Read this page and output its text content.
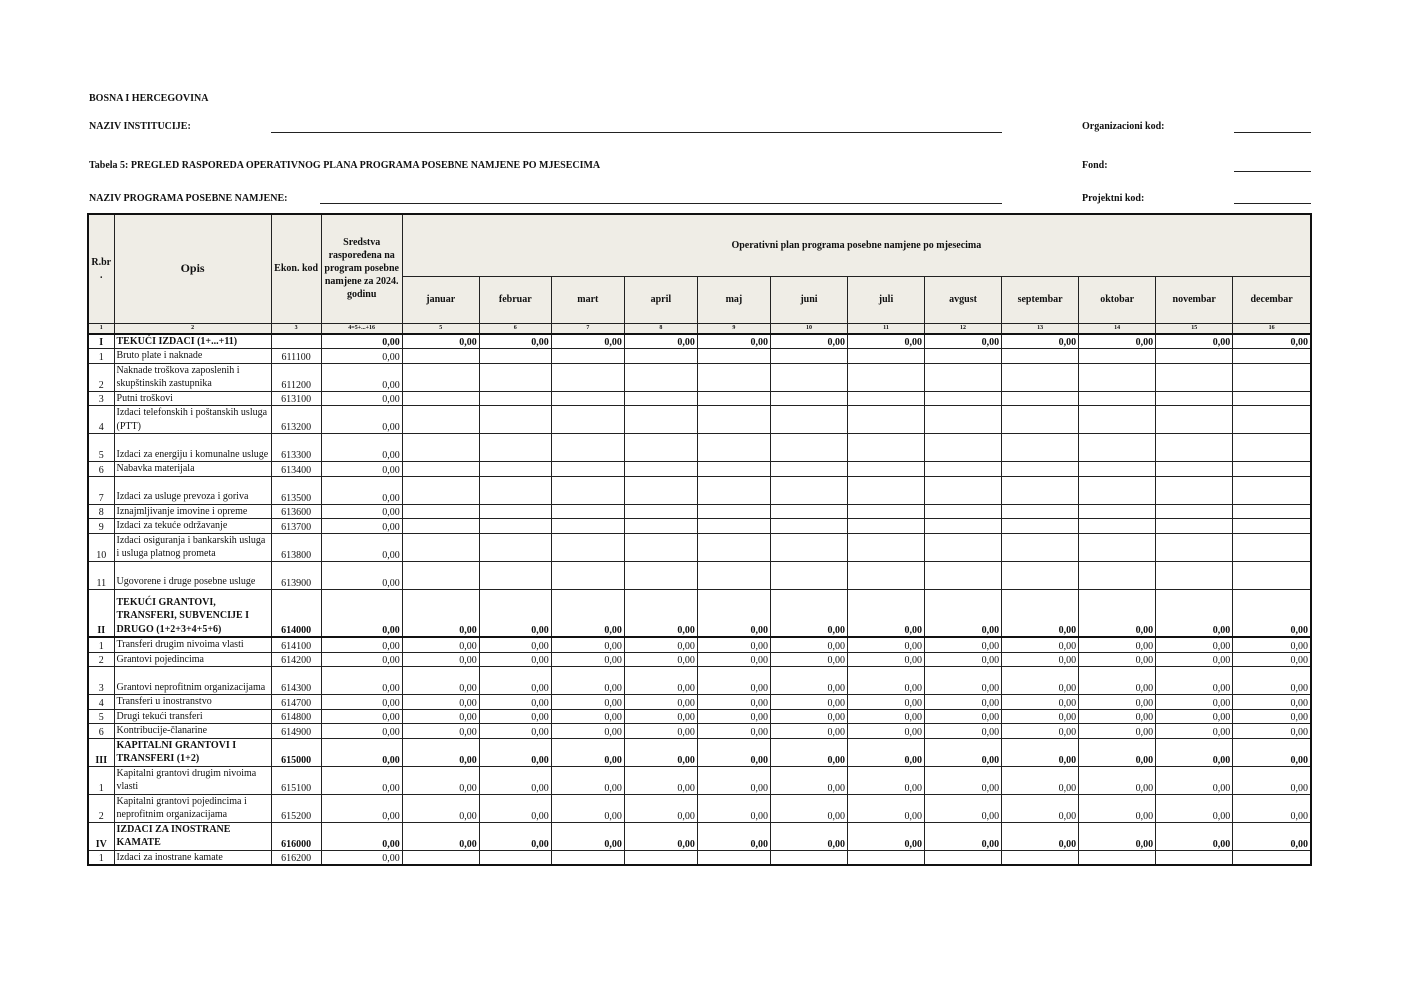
BOSNA I HERCEGOVINA
NAZIV INSTITUCIJE:	Organizacioni kod:
Tabela 5: PREGLED RASPOREDA OPERATIVNOG PLANA PROGRAMA POSEBNE NAMJENE PO MJESECIMA	Fond:
NAZIV PROGRAMA POSEBNE NAMJENE:	Projektni kod:
R.br .	Opis	Ekon. kod	Sredstva raspoređena na program posebne namjene za 2024. godinu	Operativni plan programa posebne namjene po mjesecima											
				januar	februar	mart	april	maj	juni	juli	avgust	septembar	oktobar	novembar	decembar
1	2	3	4=5+...+16	5	6	7	8	9	10	11	12	13	14	15	16
I	TEKUĆI IZDACI (1+...+11)		0,00	0,00	0,00	0,00	0,00	0,00	0,00	0,00	0,00	0,00	0,00	0,00	0,00
1	Bruto plate i naknade	611100	0,00												
2	Naknade troškova zaposlenih i skupštinskih zastupnika	611200	0,00												
3	Putni troškovi	613100	0,00												
4	Izdaci telefonskih i poštanskih usluga (PTT)	613200	0,00												
5	Izdaci za energiju i komunalne usluge	613300	0,00												
6	Nabavka materijala	613400	0,00												
7	Izdaci za usluge prevoza i goriva	613500	0,00												
8	Iznajmljivanje imovine i opreme	613600	0,00												
9	Izdaci za tekuće održavanje	613700	0,00												
10	Izdaci osiguranja i bankarskih usluga i usluga platnog prometa	613800	0,00												
11	Ugovorene i druge posebne usluge	613900	0,00												
II	TEKUĆI GRANTOVI, TRANSFERI, SUBVENCIJE I DRUGO (1+2+3+4+5+6)	614000	0,00	0,00	0,00	0,00	0,00	0,00	0,00	0,00	0,00	0,00	0,00	0,00	0,00
1	Transferi drugim nivoima vlasti	614100	0,00	0,00	0,00	0,00	0,00	0,00	0,00	0,00	0,00	0,00	0,00	0,00	0,00
2	Grantovi pojedincima	614200	0,00	0,00	0,00	0,00	0,00	0,00	0,00	0,00	0,00	0,00	0,00	0,00	0,00
3	Grantovi neprofitnim organizacijama	614300	0,00	0,00	0,00	0,00	0,00	0,00	0,00	0,00	0,00	0,00	0,00	0,00	0,00
4	Transferi u inostranstvo	614700	0,00	0,00	0,00	0,00	0,00	0,00	0,00	0,00	0,00	0,00	0,00	0,00	0,00
5	Drugi tekući transferi	614800	0,00	0,00	0,00	0,00	0,00	0,00	0,00	0,00	0,00	0,00	0,00	0,00	0,00
6	Kontribucije-članarine	614900	0,00	0,00	0,00	0,00	0,00	0,00	0,00	0,00	0,00	0,00	0,00	0,00	0,00
III	KAPITALNI GRANTOVI I TRANSFERI (1+2)	615000	0,00	0,00	0,00	0,00	0,00	0,00	0,00	0,00	0,00	0,00	0,00	0,00	0,00
1	Kapitalni grantovi drugim nivoima vlasti	615100	0,00	0,00	0,00	0,00	0,00	0,00	0,00	0,00	0,00	0,00	0,00	0,00	0,00
2	Kapitalni grantovi pojedincima i neprofitnim organizacijama	615200	0,00	0,00	0,00	0,00	0,00	0,00	0,00	0,00	0,00	0,00	0,00	0,00	0,00
IV	IZDACI ZA INOSTRANE KAMATE	616000	0,00	0,00	0,00	0,00	0,00	0,00	0,00	0,00	0,00	0,00	0,00	0,00	0,00
1	Izdaci za inostrane kamate	616200	0,00												
